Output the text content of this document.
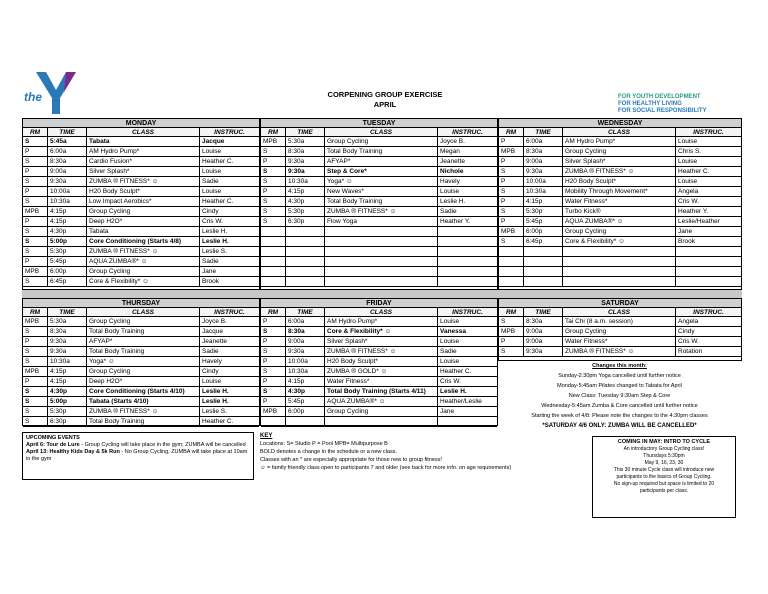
the	CORPENING GROUP EXERCISE
APRIL
FOR YOUTH DEVELOPMENT
FOR HEALTHY LIVING
FOR SOCIAL RESPONSIBILITY
MONDAY
RM	TIME	CLASS	INSTRUC.
S	5:45a	Tabata	Jacque
P	6:00a	AM Hydro Pump*	Louise
S	8:30a	Cardio Fusion*	Heather C.
P	9:00a	Silver Splash*	Louise
S	9:30a	ZUMBA ® FITNESS* ☺	Sadie
P	10:00a	H20 Body Sculpt*	Louise
S	10:30a	Low Impact Aerobics*	Heather C.
MPB	4:15p	Group Cycling	Cindy
P	4:15p	Deep H2O*	Cris W.
S	4:30p	Tabata	Leslie H.
S	5:00p	Core Conditioning (Starts 4/8)	Leslie H.
S	5:30p	ZUMBA ® FITNESS* ☺	Leslie S.
P	5:45p	AQUA ZUMBA®* ☺	Sadie
MPB	6:00p	Group Cycling	Jane
S	6:45p	Core & Flexibility* ☺	Brook
TUESDAY
RM	TIME	CLASS	INSTRUC.
MPB	5:30a	Group Cycling	Joyce B.
S	8:30a	Total Body Training	Megan
P	9:30a	AFYAP*	Jeanette
S	9:30a	Step & Core*	Nichole
S	10:30a	Yoga* ☺	Havely
P	4:15p	New Waves*	Louise
S	4:30p	Total Body Training	Leslie H.
S	5:30p	ZUMBA ® FITNESS* ☺	Sadie
S	6:30p	Flow Yoga	Heather Y.
WEDNESDAY
RM	TIME	CLASS	INSTRUC.
P	6:00a	AM Hydro Pump*	Louise
MPB	8:30a	Group Cycling	Chris S.
P	9:00a	Silver Splash*	Louise
S	9:30a	ZUMBA ® FITNESS* ☺	Heather C.
P	10:00a	H20 Body Sculpt*	Louise
S	10:30a	Mobility Through Movement*	Angela
P	4:15p	Water Fitness*	Cris W.
S	5:30p	Turbo Kick®	Heather Y.
P	5:45p	AQUA ZUMBA®* ☺	Leslie/Heather
MPB	6:00p	Group Cycling	Jane
S	6:45p	Core & Flexibility* ☺	Brook
THURSDAY
RM	TIME	CLASS	INSTRUC.
MPB	5:30a	Group Cycling	Joyce B.
S	8:30a	Total Body Training	Jacque
P	9:30a	AFYAP*	Jeanette
S	9:30a	Total Body Training	Sadie
S	10:30a	Yoga* ☺	Havely
MPB	4:15p	Group Cycling	Cindy
P	4:15p	Deep H2O*	Louise
S	4:30p	Core Conditioning (Starts 4/10)	Leslie H.
S	5:00p	Tabata (Starts 4/10)	Leslie H.
S	5:30p	ZUMBA ® FITNESS* ☺	Leslie S.
S	6:30p	Total Body Training	Heather C.
FRIDAY
RM	TIME	CLASS	INSTRUC.
P	6:00a	AM Hydro Pump*	Louise
S	8:30a	Core & Flexibility* ☺	Vanessa
P	9:00a	Silver Splash*	Louise
S	9:30a	ZUMBA ® FITNESS* ☺	Sadie
P	10:00a	H20 Body Sculpt*	Louise
S	10:30a	ZUMBA ® GOLD* ☺	Heather C.
P	4:15p	Water Fitness*	Cris W.
S	4:30p	Total Body Training (Starts 4/11)	Leslie H.
P	5:45p	AQUA ZUMBA®* ☺	Heather/Leslie
MPB	6:00p	Group Cycling	Jane
SATURDAY
RM	TIME	CLASS	INSTRUC.
S	8:30a	Tai Chi (8 a.m. session)	Angela
MPB	9:00a	Group Cycling	Cindy
P	9:00a	Water Fitness*	Cris W.
S	9:30a	ZUMBA ® FITNESS* ☺	Rotation
Changes this month:
Sunday-2:30pm Yoga cancelled until further notice
Monday-5:45am Pilates changed to Tabata for April
New Class: Tuesday 9:30am Step & Core
Wednesday-5:45am Zumba & Core cancelled until further notice
Starting the week of 4/8: Please note the changes to the 4:30pm classes
*SATURDAY 4/6 ONLY: ZUMBA WILL BE CANCELLED*
UPCOMING EVENTS
April 6: Tour de Lure - Group Cycling will take place in the gym; ZUMBA will be cancelled
April 13: Healthy Kids Day & 5k Run - No Group Cycling, ZUMBA will take place at 10am in the gym
KEY
Locations: S= Studio P = Pool MPB= Multipurpose B
BOLD denotes a change in the schedule or a new class.
Classes with an * are especially appropriate for those new to group fitness!
☺ = family friendly class open to participants 7 and older (see back for more info. on age requirements)
COMING IN MAY: INTRO TO CYCLE
An introductory Group Cycling class!
Thursdays 5:30pm
May 9, 16, 23, 30
This 30 minute Cycle class will introduce new
participants to the basics of Group Cycling.
No sign-up required but space is limited to 20
participants per class.
